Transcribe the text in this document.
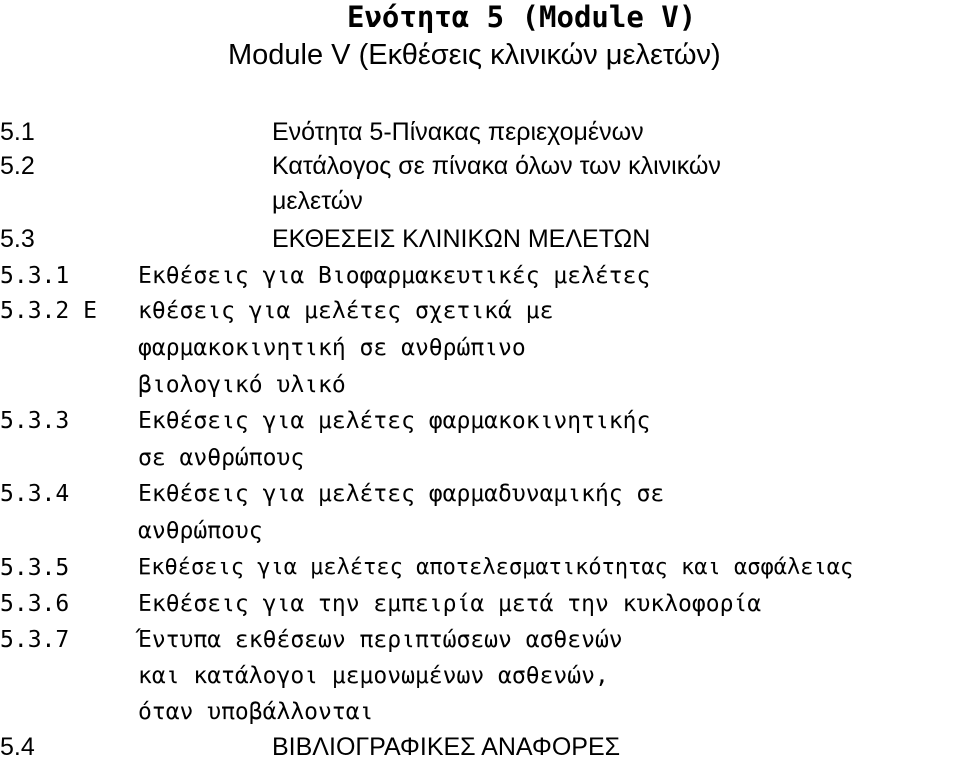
Ενότητα 5 (Module V)
Module V (Εκθέσεις κλινικών μελετών)
5.1	Ενότητα 5-Πίνακας περιεχομένων
5.2	Κατάλογος σε πίνακα όλων των κλινικών
μελετών
5.3	ΕΚΘΕΣΕΙΣ ΚΛΙΝΙΚΩΝ ΜΕΛΕΤΩΝ
5.3.1	Εκθέσεις για Βιοφαρμακευτικές μελέτες
5.3.2 Ε κθέσεις για μελέτες σχετικά με
φαρμακοκινητική σε ανθρώπινο
βιολογικό υλικό
5.3.3	Εκθέσεις για μελέτες φαρμακοκινητικής
σε ανθρώπους
5.3.4	Εκθέσεις για μελέτες φαρμαδυναμικής σε
ανθρώπους
5.3.5	Εκθέσεις για μελέτες αποτελεσματικότητας και ασφάλειας
5.3.6	Εκθέσεις για την εμπειρία μετά την κυκλοφορία
5.3.7	Έντυπα εκθέσεων περιπτώσεων ασθενών
και κατάλογοι μεμονωμένων ασθενών,
όταν υποβάλλονται
5.4	ΒΙΒΛΙΟΓΡΑΦΙΚΕΣ ΑΝΑΦΟΡΕΣ
